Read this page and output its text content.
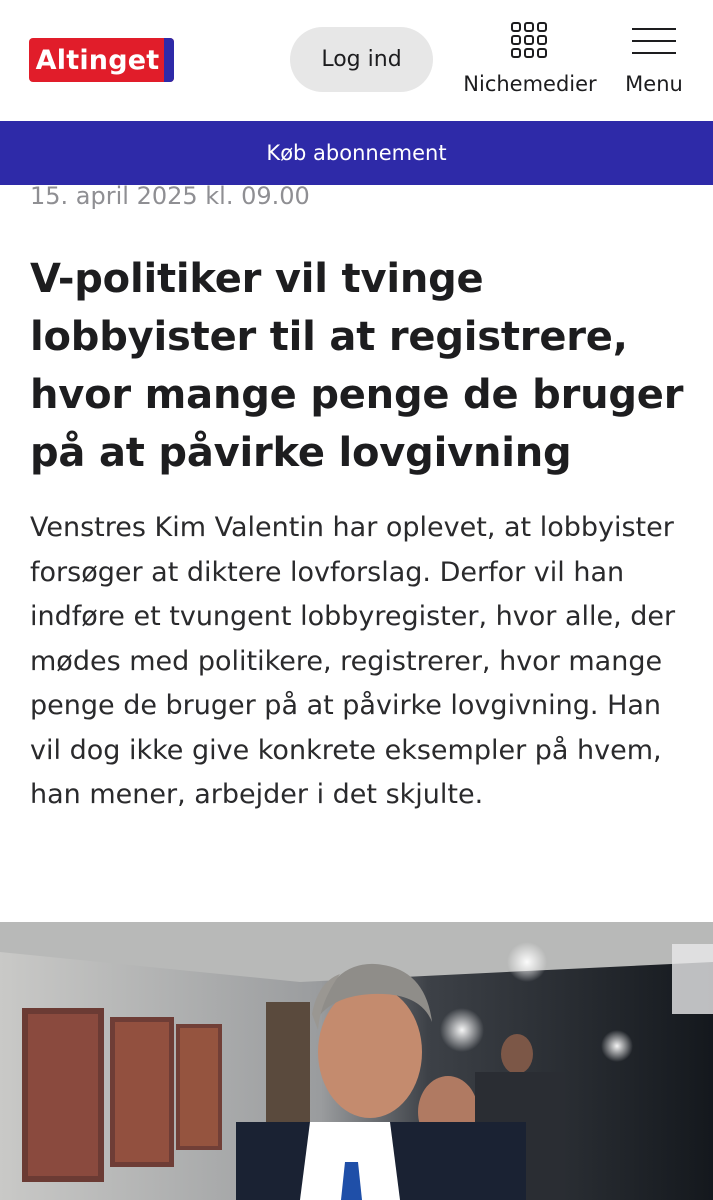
Altinget	Log ind
Nichemedier	Menu
Køb abonnement
15. april 2025 kl. 09.00
V-politiker vil tvinge lobbyister til at registrere, hvor mange penge de bruger på at påvirke lovgivning

Venstres Kim Valentin har oplevet, at lobbyister forsøger at diktere lovforslag. Derfor vil han indføre et tvungent lobbyregister, hvor alle, der mødes med politikere, registrerer, hvor mange penge de bruger på at påvirke lovgivning. Han vil dog ikke give konkrete eksempler på hvem, han mener, arbejder i det skjulte.
